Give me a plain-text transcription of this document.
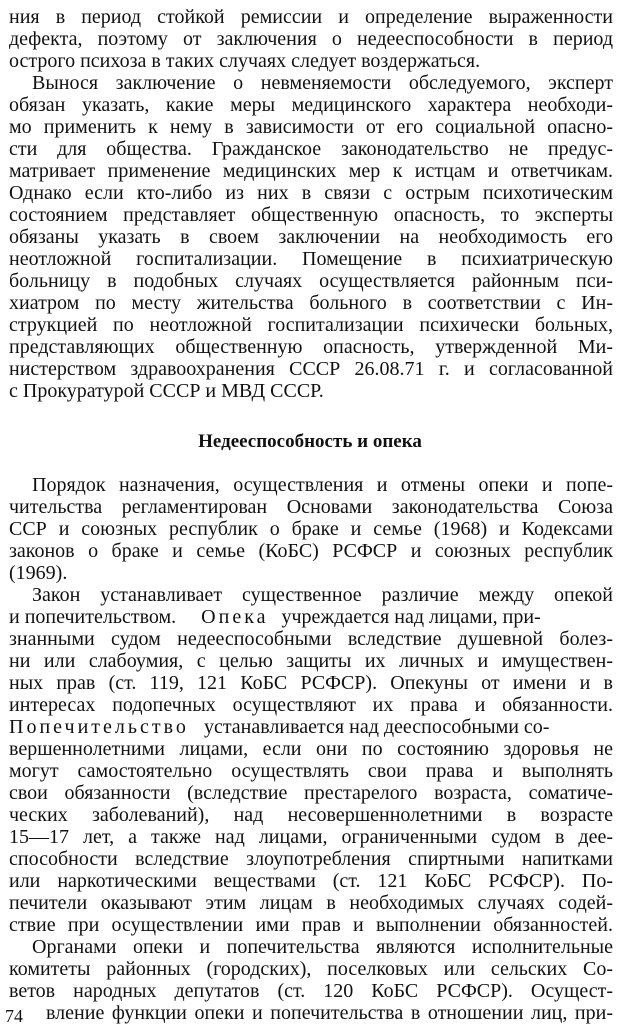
ния в период стойкой ремиссии и определение выраженности
дефекта, поэтому от заключения о недееспособности в период
острого психоза в таких случаях следует воздержаться.
Вынося заключение о невменяемости обследуемого, эксперт
обязан указать, какие меры медицинского характера необходи-
мо применить к нему в зависимости от его социальной опасно-
сти для общества. Гражданское законодательство не предус-
матривает применение медицинских мер к истцам и ответчикам.
Однако если кто-либо из них в связи с острым психотическим
состоянием представляет общественную опасность, то эксперты
обязаны указать в своем заключении на необходимость его
неотложной госпитализации. Помещение в психиатрическую
больницу в подобных случаях осуществляется районным пси-
хиатром по месту жительства больного в соответствии с Ин-
струкцией по неотложной госпитализации психически больных,
представляющих общественную опасность, утвержденной Ми-
нистерством здравоохранения СССР 26.08.71 г. и согласованной
с Прокуратурой СССР и МВД СССР.
Недееспособность и опека
Порядок назначения, осуществления и отмены опеки и попе-
чительства регламентирован Основами законодательства Союза
ССР и союзных республик о браке и семье (1968) и Кодексами
законов о браке и семье (КоБС) РСФСР и союзных республик
(1969).
Закон устанавливает существенное различие между опекой
и попечительством. Опека учреждается над лицами, при-
знанными судом недееспособными вследствие душевной болез-
ни или слабоумия, с целью защиты их личных и имуществен-
ных прав (ст. 119, 121 КоБС РСФСР). Опекуны от имени и в
интересах подопечных осуществляют их права и обязанности.
Попечительство устанавливается над дееспособными со-
вершеннолетними лицами, если они по состоянию здоровья не
могут самостоятельно осуществлять свои права и выполнять
свои обязанности (вследствие престарелого возраста, соматиче-
ческих заболеваний), над несовершеннолетними в возрасте
15—17 лет, а также над лицами, ограниченными судом в дее-
способности вследствие злоупотребления спиртными напитками
или наркотическими веществами (ст. 121 КоБС РСФСР). По-
печители оказывают этим лицам в необходимых случаях содей-
ствие при осуществлении ими прав и выполнении обязанностей.
Органами опеки и попечительства являются исполнительные
комитеты районных (городских), поселковых или сельских Со-
ветов народных депутатов (ст. 120 КоБС РСФСР). Осущест-
вление функции опеки и попечительства в отношении лиц, при-
74
